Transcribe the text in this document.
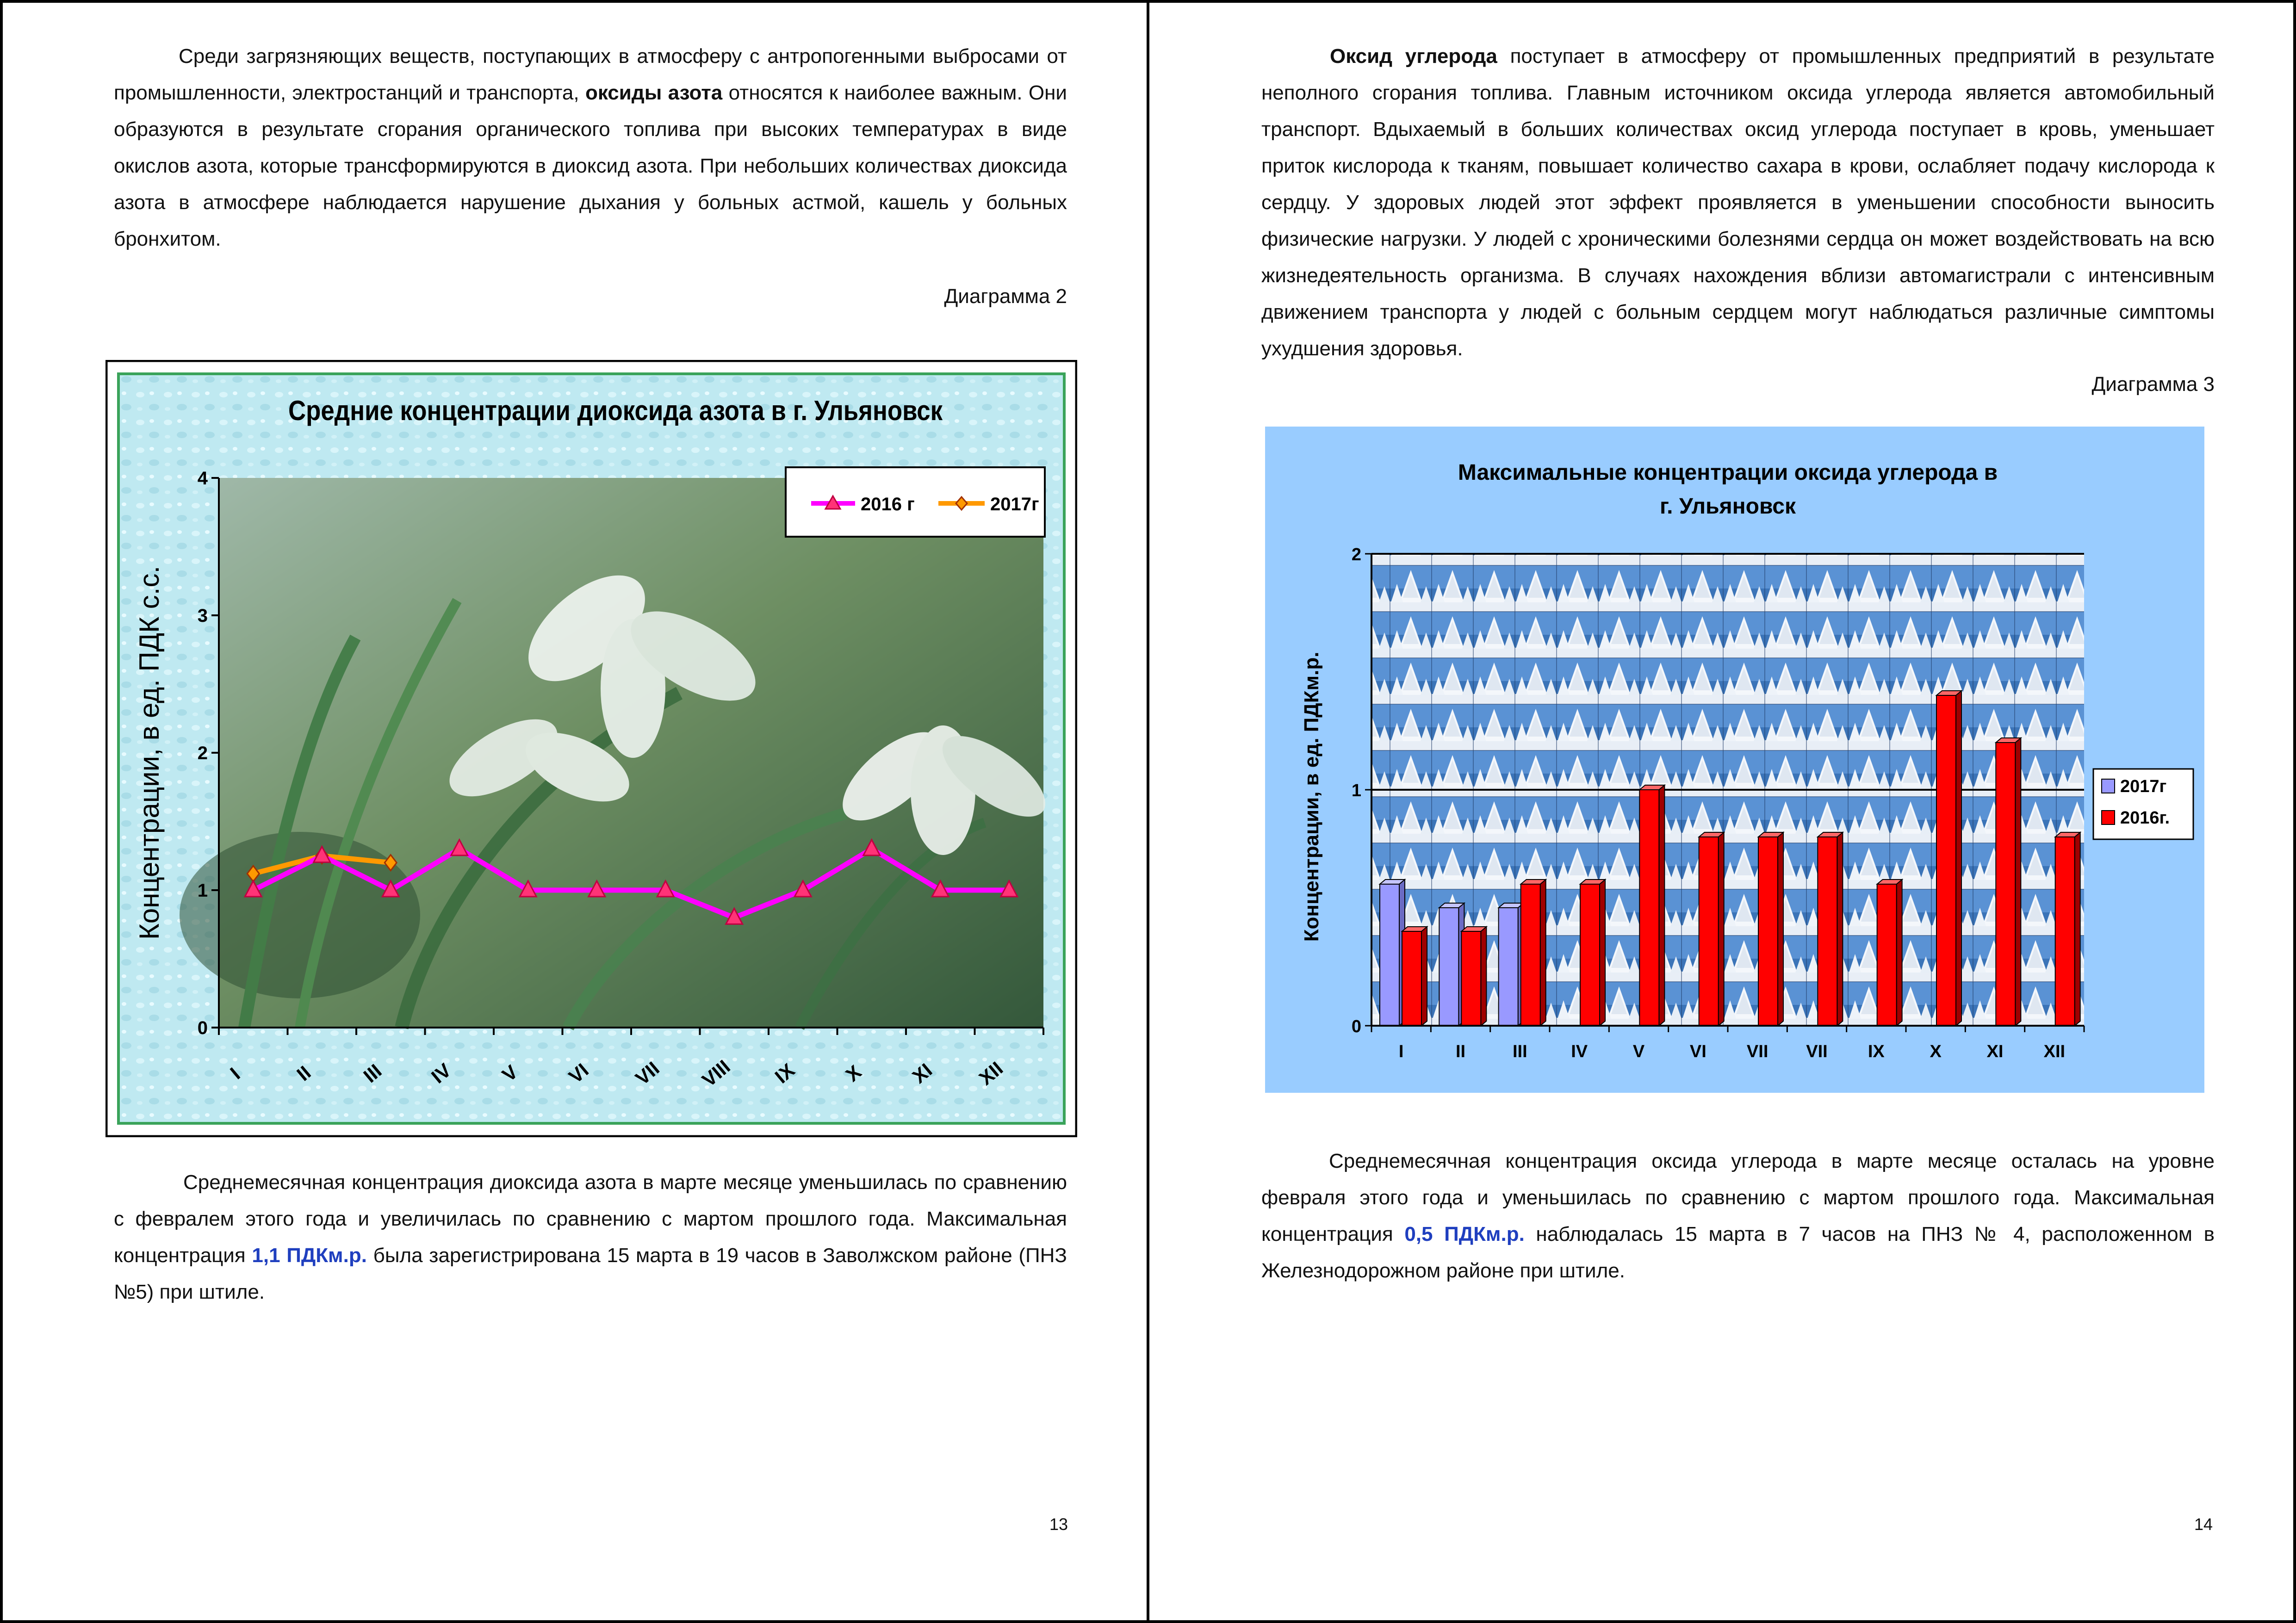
Среди загрязняющих веществ, поступающих в атмосферу с антропогенными выбросами от промышленности, электростанций и транспорта, оксиды азота относятся к наиболее важным. Они образуются в результате сгорания органического топлива при высоких температурах в виде окислов азота, которые трансформируются в диоксид азота. При небольших количествах диоксида азота в атмосфере наблюдается нарушение дыхания у больных астмой, кашель у больных бронхитом.

Диаграмма 2
Средние концентрации диоксида азота в г. Ульяновск
2016 г	2017г
Концентрации, в ед. ПДК с.с.
0
1
2
3
4
I II III IV V VI VII VIII IX X XI XII

Среднемесячная концентрация диоксида азота в марте месяце уменьшилась по сравнению с февралем этого года и увеличилась по сравнению с мартом прошлого года. Максимальная концентрация 1,1 ПДКм.р. была зарегистрирована 15 марта в 19 часов в Заволжском районе (ПНЗ №5) при штиле.

13

Оксид углерода поступает в атмосферу от промышленных предприятий в результате неполного сгорания топлива. Главным источником оксида углерода является автомобильный транспорт. Вдыхаемый в больших количествах оксид углерода поступает в кровь, уменьшает приток кислорода к тканям, повышает количество сахара в крови, ослабляет подачу кислорода к сердцу. У здоровых людей этот эффект проявляется в уменьшении способности выносить физические нагрузки. У людей с хроническими болезнями сердца он может воздействовать на всю жизнедеятельность организма. В случаях нахождения вблизи автомагистрали с интенсивным движением транспорта у людей с больным сердцем могут наблюдаться различные симптомы ухудшения здоровья.

Диаграмма 3
Максимальные концентрации оксида углерода в
г. Ульяновск
Концентрации, в ед. ПДКм.р.
0
1
2
I	II	III IV	V	VI VII VII IX	X	XI XII
2017г
2016г.

Среднемесячная концентрация оксида углерода в марте месяце осталась на уровне февраля этого года и уменьшилась по сравнению с мартом прошлого года. Максимальная концентрация 0,5 ПДКм.р. наблюдалась 15 марта в 7 часов на ПНЗ № 4, расположенном в Железнодорожном районе при штиле.

14
